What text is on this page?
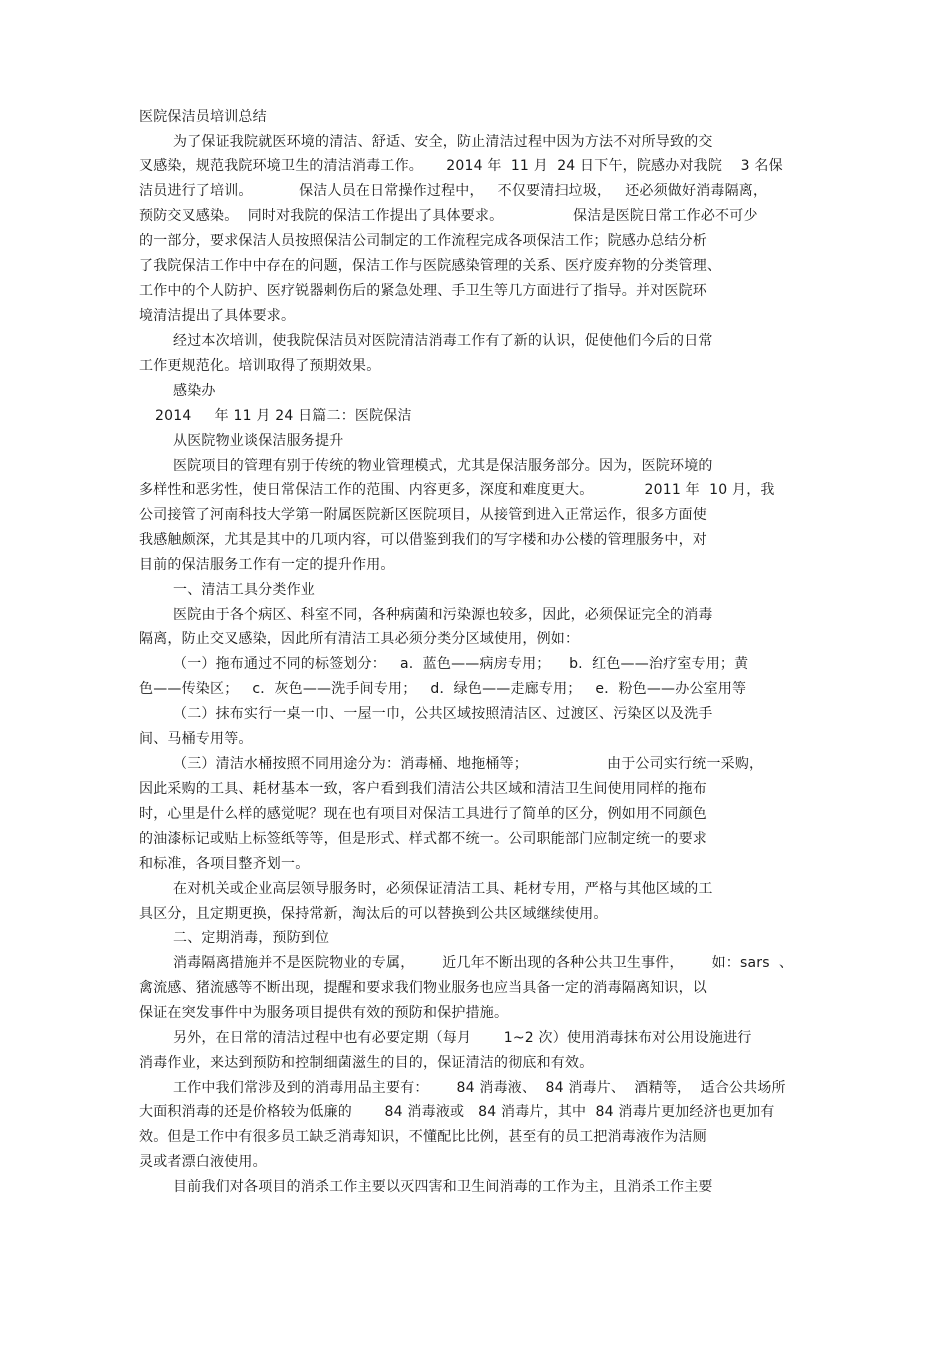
医院保洁员培训总结
为了保证我院就医环境的清洁、舒适、安全，防止清洁过程中因为方法不对所导致的交
叉感染，规范我院环境卫生的清洁消毒工作。     2014 年  11 月  24 日下午，院感办对我院    3 名保
洁员进行了培训。          保洁人员在日常操作过程中，   不仅要清扫垃圾，   还必须做好消毒隔离，
预防交叉感染。  同时对我院的保洁工作提出了具体要求。               保洁是医院日常工作必不可少
的一部分，要求保洁人员按照保洁公司制定的工作流程完成各项保洁工作；院感办总结分析
了我院保洁工作中中存在的问题，保洁工作与医院感染管理的关系、医疗废弃物的分类管理、
工作中的个人防护、医疗锐器刺伤后的紧急处理、手卫生等几方面进行了指导。并对医院环
境清洁提出了具体要求。
经过本次培训，使我院保洁员对医院清洁消毒工作有了新的认识，促使他们今后的日常
工作更规范化。培训取得了预期效果。
感染办
2014     年 11 月 24 日篇二：医院保洁
从医院物业谈保洁服务提升
医院项目的管理有别于传统的物业管理模式，尤其是保洁服务部分。因为，医院环境的
多样性和恶劣性，使日常保洁工作的范围、内容更多，深度和难度更大。           2011 年  10 月，我
公司接管了河南科技大学第一附属医院新区医院项目，从接管到进入正常运作，很多方面使
我感触颇深，尤其是其中的几项内容，可以借鉴到我们的写字楼和办公楼的管理服务中，对
目前的保洁服务工作有一定的提升作用。
一、清洁工具分类作业
医院由于各个病区、科室不同，各种病菌和污染源也较多，因此，必须保证完全的消毒
隔离，防止交叉感染，因此所有清洁工具必须分类分区域使用，例如：
（一）拖布通过不同的标签划分：   a.  蓝色——病房专用；    b.  红色——治疗室专用；黄
色——传染区；   c．灰色——洗手间专用；   d．绿色——走廊专用；   e．粉色——办公室用等
（二）抹布实行一桌一巾、一屋一巾，公共区域按照清洁区、过渡区、污染区以及洗手
间、马桶专用等。
（三）清洁水桶按照不同用途分为：消毒桶、地拖桶等；                 由于公司实行统一采购，
因此采购的工具、耗材基本一致，客户看到我们清洁公共区域和清洁卫生间使用同样的拖布
时，心里是什么样的感觉呢？现在也有项目对保洁工具进行了简单的区分，例如用不同颜色
的油漆标记或贴上标签纸等等，但是形式、样式都不统一。公司职能部门应制定统一的要求
和标准，各项目整齐划一。
在对机关或企业高层领导服务时，必须保证清洁工具、耗材专用，严格与其他区域的工
具区分，且定期更换，保持常新，淘汰后的可以替换到公共区域继续使用。
二、定期消毒，预防到位
消毒隔离措施并不是医院物业的专属，      近几年不断出现的各种公共卫生事件，      如：sars  、
禽流感、猪流感等不断出现，提醒和要求我们物业服务也应当具备一定的消毒隔离知识，以
保证在突发事件中为服务项目提供有效的预防和保护措施。
另外，在日常的清洁过程中也有必要定期（每月       1~2 次）使用消毒抹布对公用设施进行
消毒作业，来达到预防和控制细菌滋生的目的，保证清洁的彻底和有效。
工作中我们常涉及到的消毒用品主要有：      84 消毒液、  84 消毒片、  酒精等，  适合公共场所
大面积消毒的还是价格较为低廉的       84 消毒液或   84 消毒片，其中  84 消毒片更加经济也更加有
效。但是工作中有很多员工缺乏消毒知识，不懂配比比例，甚至有的员工把消毒液作为洁厕
灵或者漂白液使用。
目前我们对各项目的消杀工作主要以灭四害和卫生间消毒的工作为主，且消杀工作主要
